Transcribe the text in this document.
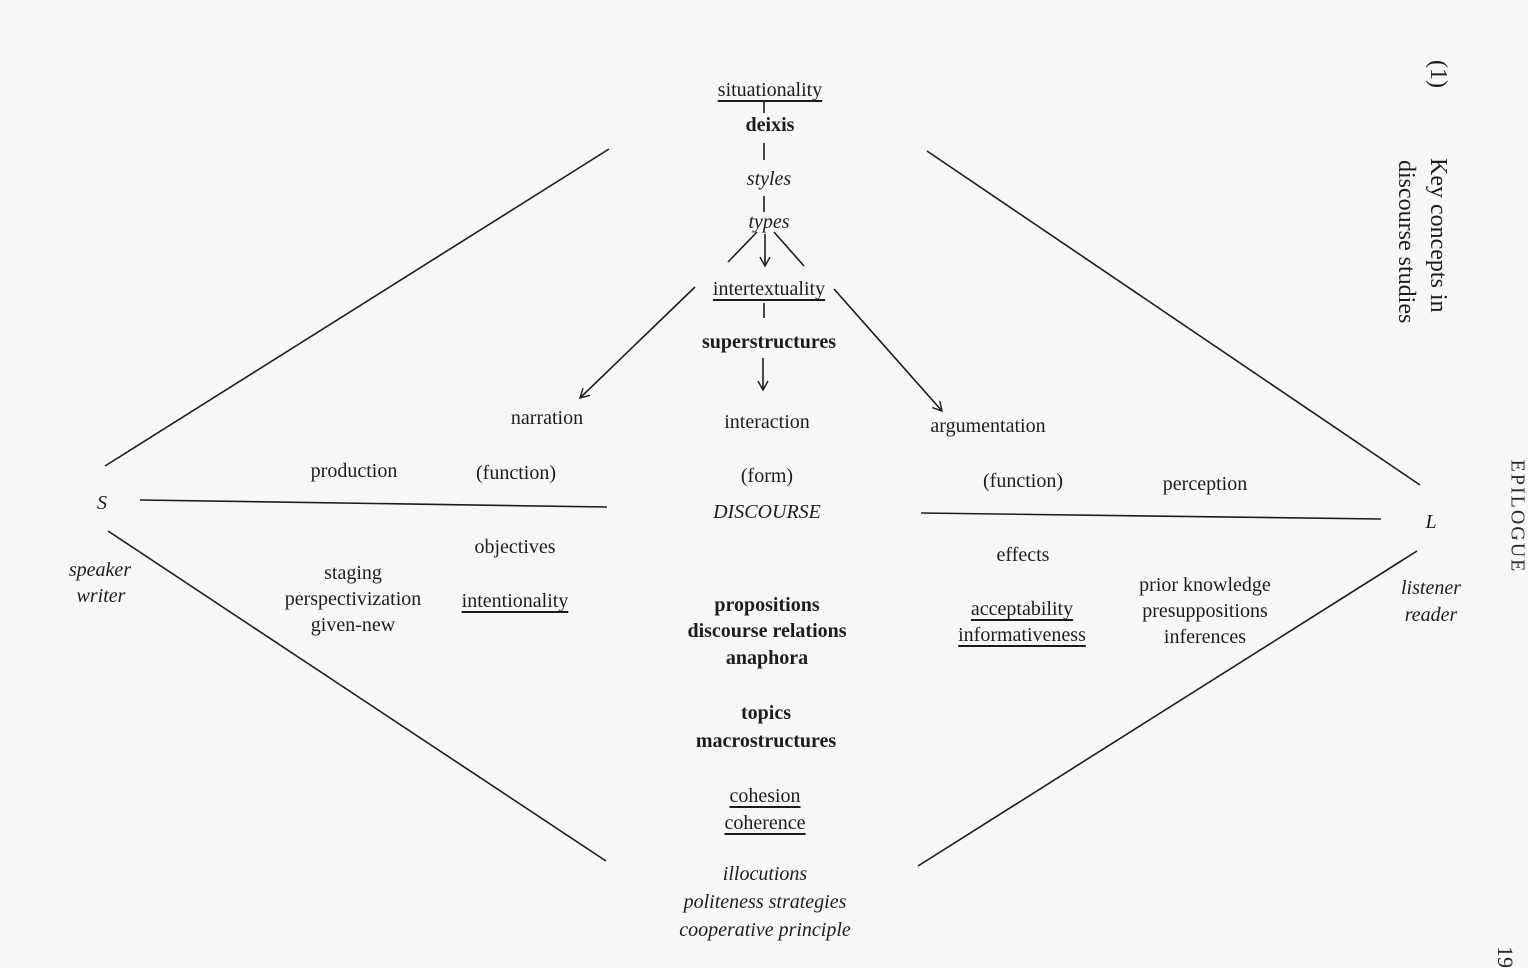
(1)  Key concepts in
discourse studies
EPILOGUE
19
situationality
deixis
styles
types
intertextuality
superstructures
narration	interaction	argumentation
production	(function)	(form)	(function)	perception
DISCOURSE
S
speaker
writer
L
listener
reader
objectives
intentionality
staging
perspectivization
given-new
effects
acceptability
informativeness
prior knowledge
presuppositions
inferences
propositions
discourse relations
anaphora
topics
macrostructures
cohesion
coherence
illocutions
politeness strategies
cooperative principle
